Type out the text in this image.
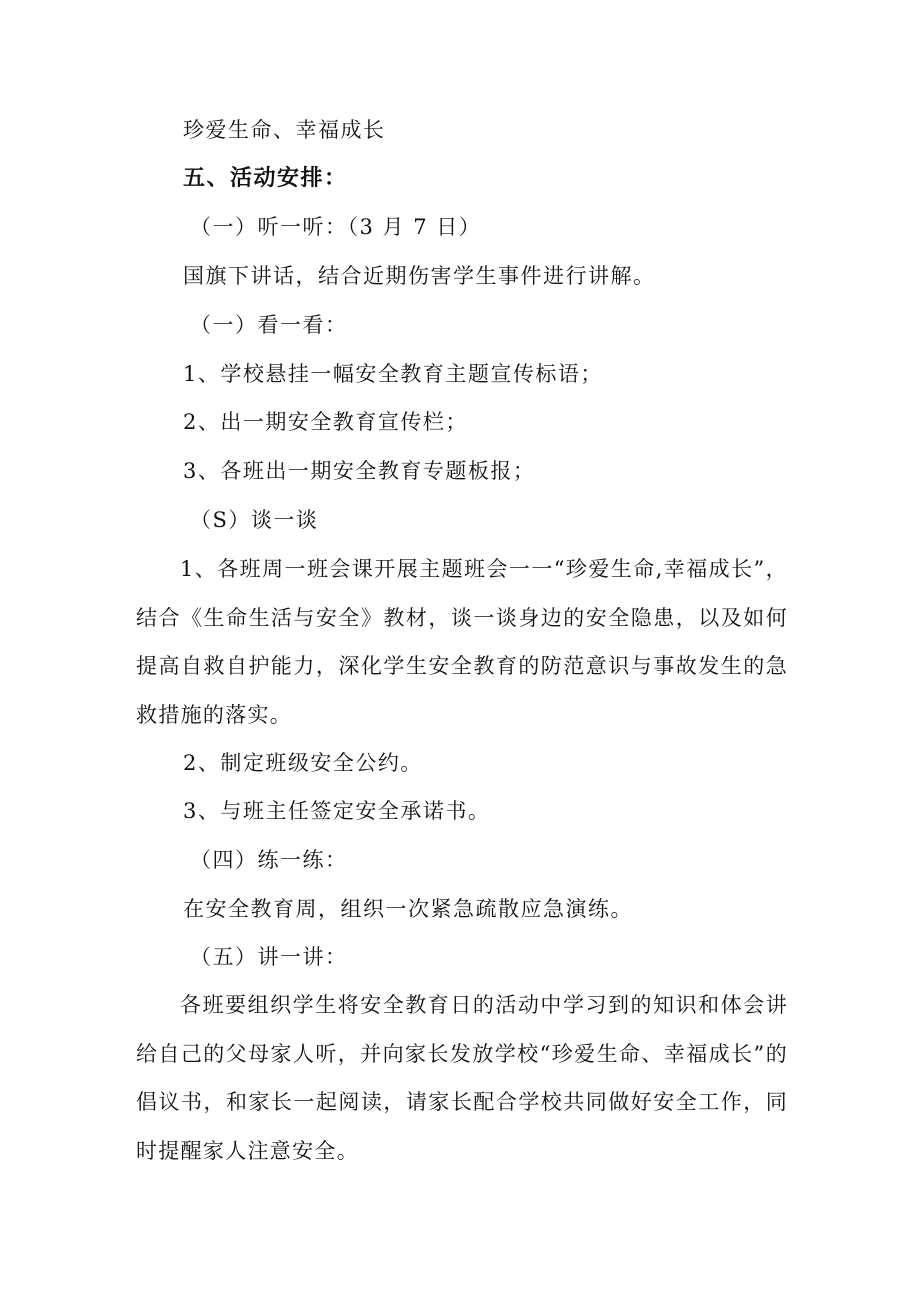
珍爱生命、幸福成长
五、活动安排：
（一）听一听：（3 月 7 日）
国旗下讲话，结合近期伤害学生事件进行讲解。
（一）看一看：
1、学校悬挂一幅安全教育主题宣传标语；
2、出一期安全教育宣传栏；
3、各班出一期安全教育专题板报；
（S）谈一谈
1、各班周一班会课开展主题班会一一“珍爱生命,幸福成长”，结合《生命生活与安全》教材，谈一谈身边的安全隐患，以及如何提高自救自护能力，深化学生安全教育的防范意识与事故发生的急救措施的落实。
2、制定班级安全公约。
3、与班主任签定安全承诺书。
（四）练一练：
在安全教育周，组织一次紧急疏散应急演练。
（五）讲一讲：
各班要组织学生将安全教育日的活动中学习到的知识和体会讲给自己的父母家人听，并向家长发放学校“珍爱生命、幸福成长”的倡议书，和家长一起阅读，请家长配合学校共同做好安全工作，同时提醒家人注意安全。
